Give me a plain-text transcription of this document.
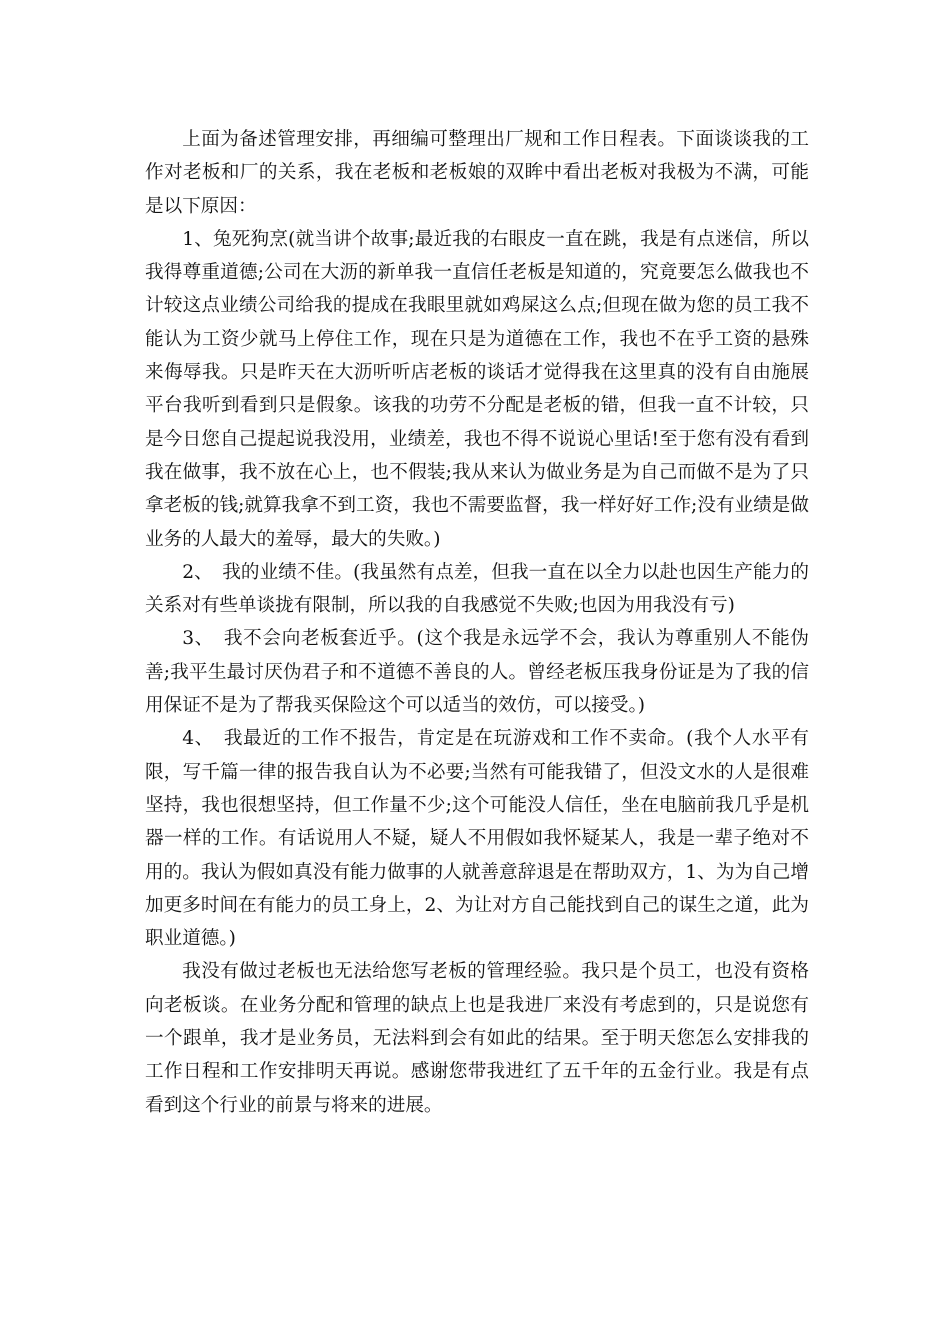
上面为备述管理安排，再细编可整理出厂规和工作日程表。下面谈谈我的工作对老板和厂的关系，我在老板和老板娘的双眸中看出老板对我极为不满，可能是以下原因：

1、兔死狗烹(就当讲个故事;最近我的右眼皮一直在跳，我是有点迷信，所以我得尊重道德;公司在大沥的新单我一直信任老板是知道的，究竟要怎么做我也不计较这点业绩公司给我的提成在我眼里就如鸡屎这么点;但现在做为您的员工我不能认为工资少就马上停住工作，现在只是为道德在工作，我也不在乎工资的悬殊来侮辱我。只是昨天在大沥听听店老板的谈话才觉得我在这里真的没有自由施展平台我听到看到只是假象。该我的功劳不分配是老板的错，但我一直不计较，只是今日您自己提起说我没用，业绩差，我也不得不说说心里话!至于您有没有看到我在做事，我不放在心上，也不假装;我从来认为做业务是为自己而做不是为了只拿老板的钱;就算我拿不到工资，我也不需要监督，我一样好好工作;没有业绩是做业务的人最大的羞辱，最大的失败。)

2、　我的业绩不佳。(我虽然有点差，但我一直在以全力以赴也因生产能力的关系对有些单谈拢有限制，所以我的自我感觉不失败;也因为用我没有亏)

3、　我不会向老板套近乎。(这个我是永远学不会，我认为尊重别人不能伪善;我平生最讨厌伪君子和不道德不善良的人。曾经老板压我身份证是为了我的信用保证不是为了帮我买保险这个可以适当的效仿，可以接受。)

4、　我最近的工作不报告，肯定是在玩游戏和工作不卖命。(我个人水平有限，写千篇一律的报告我自认为不必要;当然有可能我错了，但没文水的人是很难坚持，我也很想坚持，但工作量不少;这个可能没人信任，坐在电脑前我几乎是机器一样的工作。有话说用人不疑，疑人不用假如我怀疑某人，我是一辈子绝对不用的。我认为假如真没有能力做事的人就善意辞退是在帮助双方，1、为为自己增加更多时间在有能力的员工身上，2、为让对方自己能找到自己的谋生之道，此为职业道德。)

我没有做过老板也无法给您写老板的管理经验。我只是个员工，也没有资格向老板谈。在业务分配和管理的缺点上也是我进厂来没有考虑到的，只是说您有一个跟单，我才是业务员，无法料到会有如此的结果。至于明天您怎么安排我的工作日程和工作安排明天再说。感谢您带我进红了五千年的五金行业。我是有点看到这个行业的前景与将来的进展。
